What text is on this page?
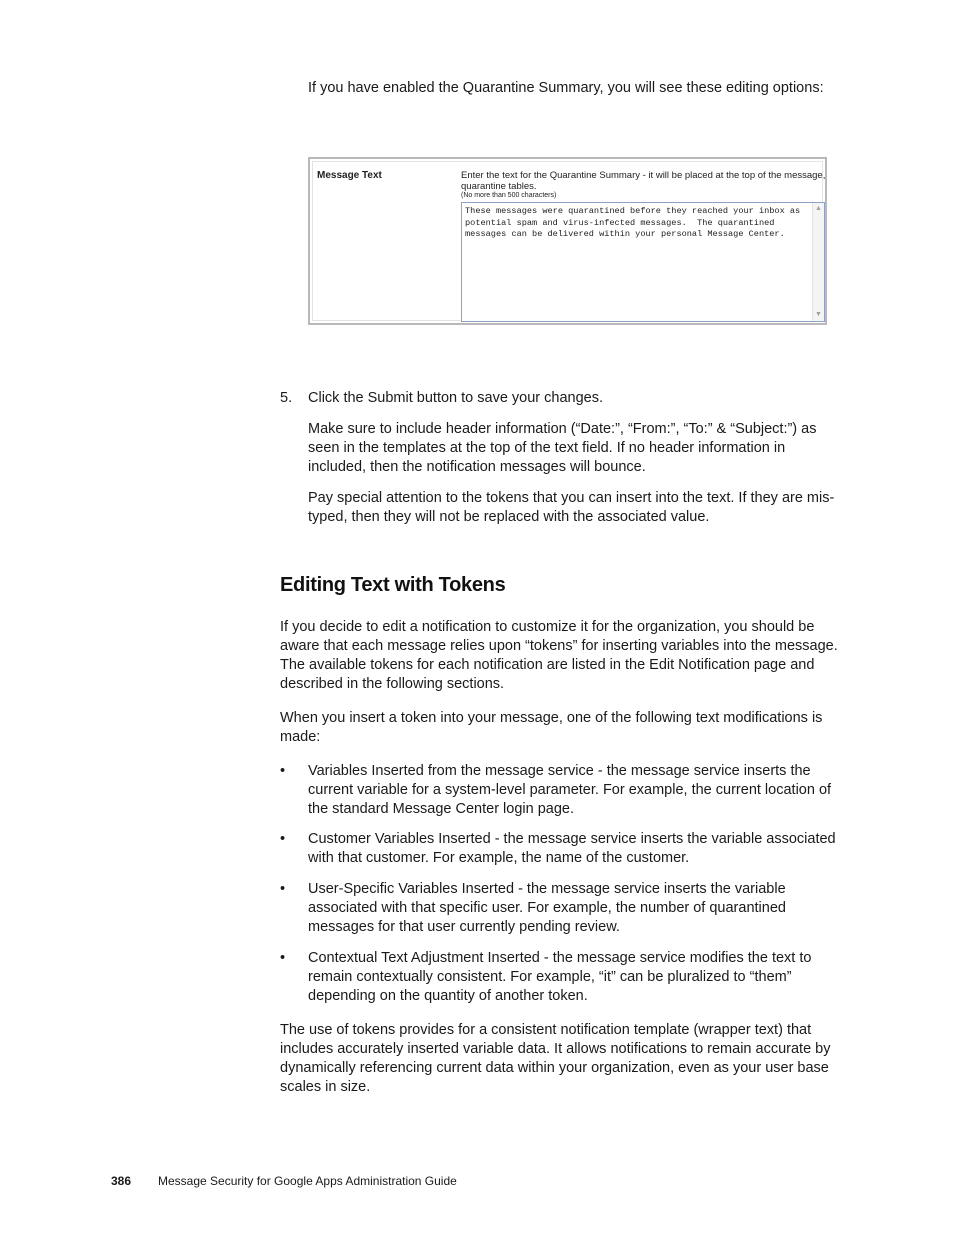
If you have enabled the Quarantine Summary, you will see these editing options:

Message Text	Enter the text for the Quarantine Summary - it will be placed at the top of the message, quarantine tables.
(No more than 500 characters)
These messages were quarantined before they reached your inbox as potential spam and virus-infected messages.  The quarantined messages can be delivered within your personal Message Center.
▲
▼
5. Click the Submit button to save your changes.

Make sure to include header information (“Date:”, “From:”, “To:” & “Subject:”) as seen in the templates at the top of the text field. If no header information in included, then the notification messages will bounce.

Pay special attention to the tokens that you can insert into the text. If they are mis-typed, then they will not be replaced with the associated value.

Editing Text with Tokens

If you decide to edit a notification to customize it for the organization, you should be aware that each message relies upon “tokens” for inserting variables into the message. The available tokens for each notification are listed in the Edit Notification page and described in the following sections.

When you insert a token into your message, one of the following text modifications is made:

• Variables Inserted from the message service - the message service inserts the current variable for a system-level parameter. For example, the current location of the standard Message Center login page.

• Customer Variables Inserted - the message service inserts the variable associated with that customer. For example, the name of the customer.

• User-Specific Variables Inserted - the message service inserts the variable associated with that specific user. For example, the number of quarantined messages for that user currently pending review.

• Contextual Text Adjustment Inserted - the message service modifies the text to remain contextually consistent. For example, “it” can be pluralized to “them” depending on the quantity of another token.

The use of tokens provides for a consistent notification template (wrapper text) that includes accurately inserted variable data. It allows notifications to remain accurate by dynamically referencing current data within your organization, even as your user base scales in size.

386 Message Security for Google Apps Administration Guide
